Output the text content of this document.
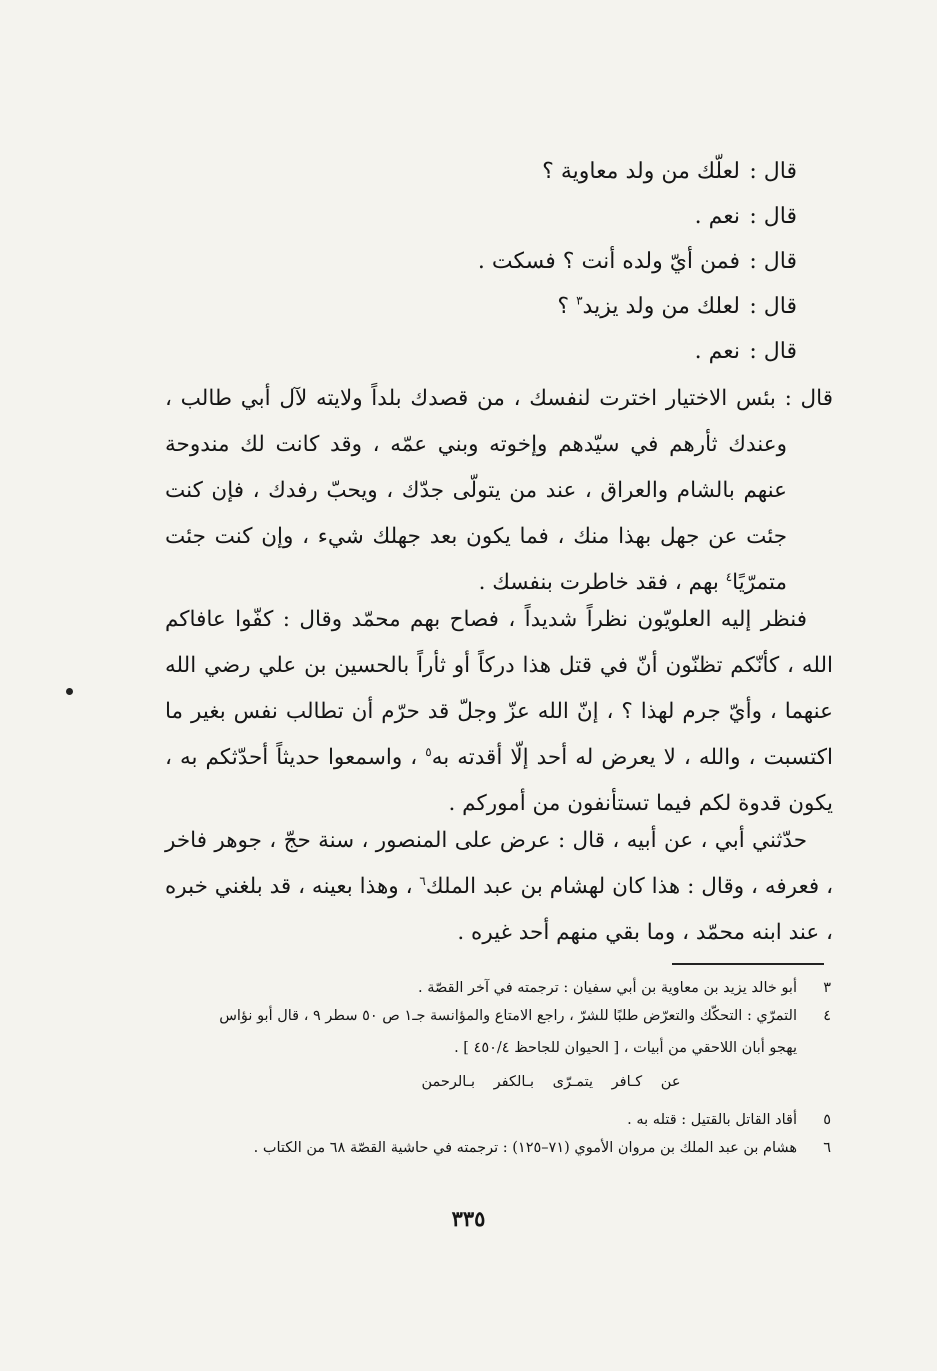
قال : لعلّك من ولد معاوية ؟
قال : نعم .
قال : فمن أيّ ولده أنت ؟ فسكت .
قال : لعلك من ولد يزيد$^٣$ ؟
قال : نعم .
قال : بئس الاختيار اخترت لنفسك ، من قصدك بلداً ولايته لآل أبي طالب ، وعندك ثأرهم في سيّدهم وإخوته وبني عمّه ، وقد كانت لك مندوحة عنهم بالشام والعراق ، عند من يتولّى جدّك ، ويحبّ رفدك ، فإن كنت جئت عن جهل بهذا منك ، فما يكون بعد جهلك شيء ، وإن كنت جئت متمرّيًا$^٤$ بهم ، فقد خاطرت بنفسك .
فنظر إليه العلويّون نظراً شديداً ، فصاح بهم محمّد وقال : كفّوا عافاكم الله ، كأنّكم تظنّون أنّ في قتل هذا دركاً أو ثأراً بالحسين بن علي رضي الله عنهما ، وأيّ جرم لهذا ؟ ، إنّ الله عزّ وجلّ قد حرّم أن تطالب نفس بغير ما اكتسبت ، والله ، لا يعرض له أحد إلّا أقدته به$^٥$ ، واسمعوا حديثاً أحدّثكم به ، يكون قدوة لكم فيما تستأنفون من أموركم .
حدّثني أبي ، عن أبيه ، قال : عرض على المنصور ، سنة حجّ ، جوهر فاخر ، فعرفه ، وقال : هذا كان لهشام بن عبد الملك$^٦$ ، وهذا بعينه ، قد بلغني خبره ، عند ابنه محمّد ، وما بقي منهم أحد غيره .
٣
أبو خالد يزيد بن معاوية بن أبي سفيان : ترجمته في آخر القصّة .
٤
التمرّي : التحكّك والتعرّض طلبًا للشرّ ، راجع الامتاع والمؤانسة جـ١ ص ٥٠ سطر ٩ ، قال أبو نؤاس
يهجو أبان اللاحقي من أبيات ، [ الحيوان للجاحظ ٤٥٠/٤ ] .
عن كـافر يتمـرّى بـالكفر بـالرحمن
٥
أقاد القاتل بالقتيل : قتله به .
٦
هشام بن عبد الملك بن مروان الأموي (٧١–١٢٥) : ترجمته في حاشية القصّة ٦٨ من الكتاب .
٣٣٥
